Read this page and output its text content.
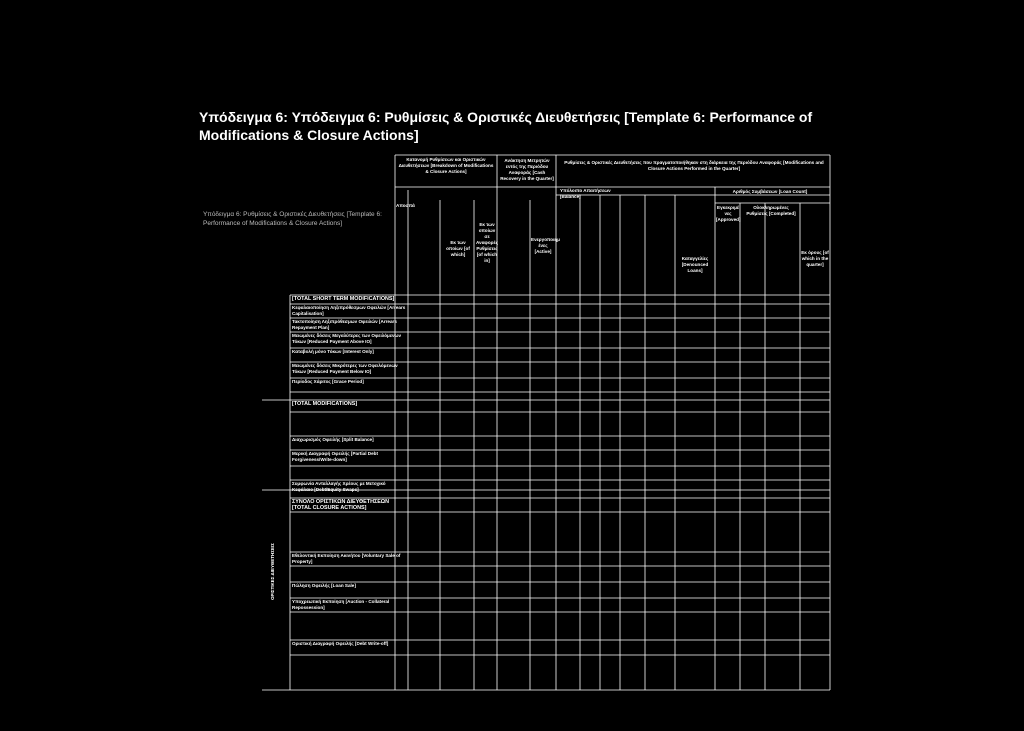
Υπόδειγμα 6: Υπόδειγμα 6: Ρυθμίσεις & Οριστικές Διευθετήσεις [Template 6: Performance of Modifications & Closure Actions]
Υπόδειγμα 6: Ρυθμίσεις & Οριστικές Διευθετήσεις [Template 6: Performance of Modifications & Closure Actions]
Κατανομή Ρυθμίσεων και Οριστικών Διευθετήσεων [Breakdown of Modifications & Closure Actions]
Ανάκτηση Μετρητών εντός της Περιόδου Αναφοράς [Cash Recovery in the Quarter]
Ρυθμίσεις & Οριστικές Διευθετήσεις που πραγματοποιήθηκαν στη διάρκεια της Περιόδου Αναφοράς [Modifications and Closure Actions Performed in the Quarter]
Αποσπά
Υπόλοιπο Απαιτήσεων [Balance]
Αριθμός Συμβάσεων [Loan Count]
Εγκεκριμέ νες [Approved]
Ολοκληρωμένες Ρυθμίσεις [Completed]
Εκ των οποίων [of which]
Εκ των οποίων σε Αναφορές Ρυθμίσεις [of which in]
Ενεργοποιημ ένες [Active]
Καταγγελίες [Denounced Loans]
Εκ όρους [of which in the quarter]
[TOTAL SHORT TERM MODIFICATIONS]
Κεφαλαιοποίηση Ληξιπρόθεσμων Οφειλών [Arrears Capitalisation]
Τακτοποίηση Ληξιπρόθεσμων Οφειλών [Arrears Repayment Plan]
Μειωμένες δόσεις Μεγαλύτερες των Οφειλόμενων Τόκων [Reduced Payment Above IO]
Καταβολή μόνο Τόκων [Interest Only]
Μειωμένες δόσεις Μικρότερες των Οφειλόμενων Τόκων [Reduced Payment Below IO]
Περίοδος Χάριτος [Grace Period]
[TOTAL MODIFICATIONS]
Διαχωρισμός Οφειλής [Split Balance]
Μερική Διαγραφή Οφειλής [Partial Debt Forgiveness/Write-down]
Συμφωνία Ανταλλαγής Χρέους με Μετοχικό Κεφάλαιο [Debt/Equity Swaps]
ΣΥΝΟΛΟ ΟΡΙΣΤΙΚΩΝ ΔΙΕΥΘΕΤΗΣΕΩΝ [TOTAL CLOSURE ACTIONS]
Εθελοντική Εκποίηση Ακινήτου [Voluntary Sale of Property]
Πώληση Οφειλής [Loan Sale]
Υποχρεωτική Εκποίηση [Auction - Collateral Repossession]
Οριστική Διαγραφή Οφειλής [Debt Write-off]
ΟΡΙΣΤΙΚΕΣ ΔΙΕΥΘΕΤΗΣΕΙΣ
